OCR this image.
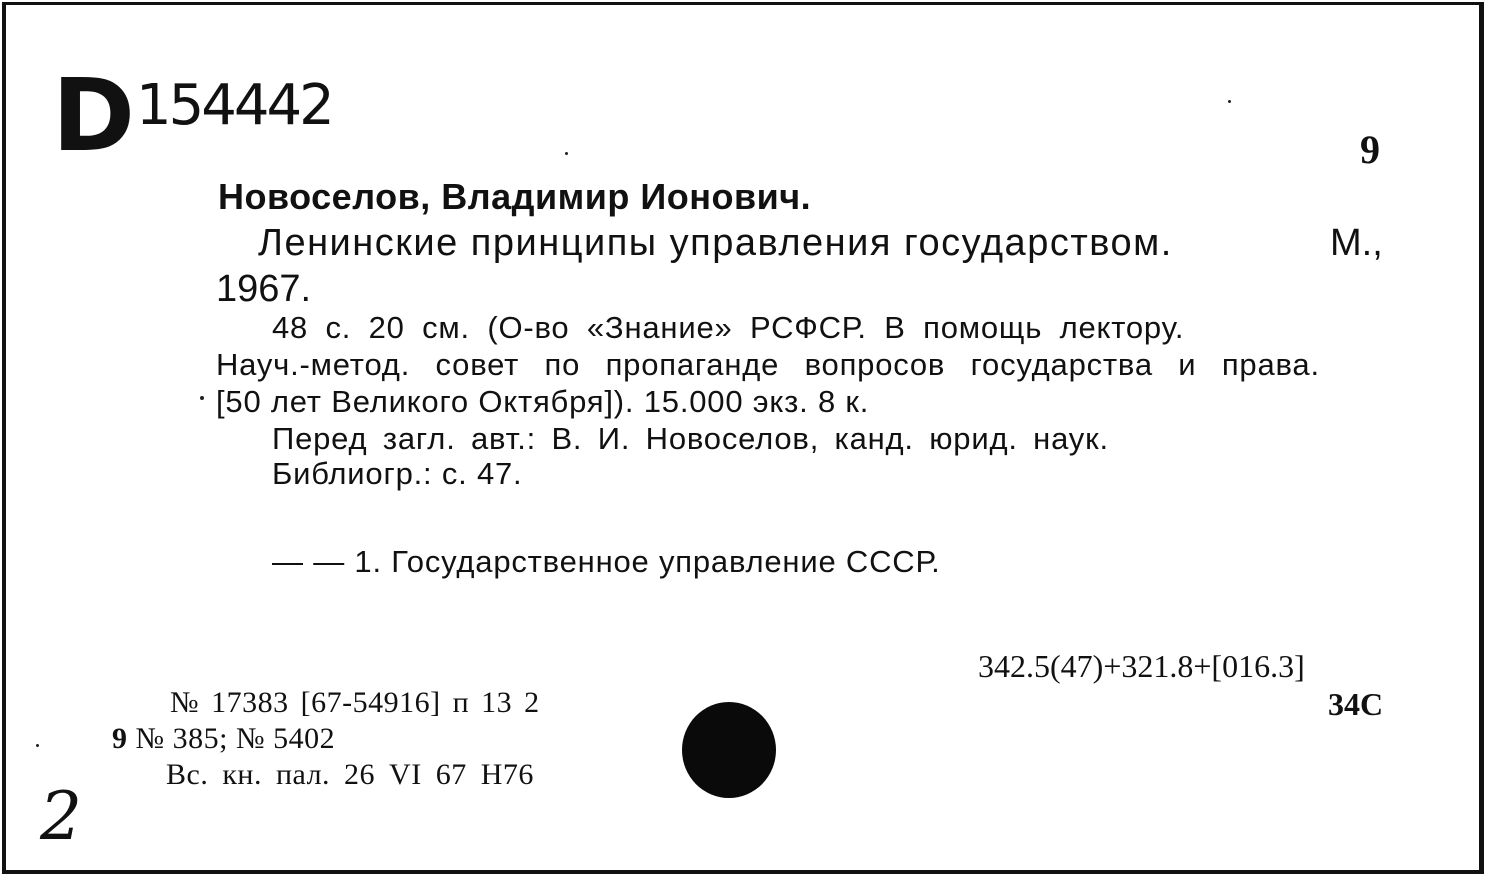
D 154442
9
Новоселов, Владимир Ионович.
Ленинские принципы управления государством.	М.,
1967.
48 с. 20 см. (О-во «Знание» РСФСР. В помощь лектору.
Науч.-метод. совет по пропаганде вопросов государства и права.
[50 лет Великого Октября]). 15.000 экз. 8 к.
Перед загл. авт.: В. И. Новоселов, канд. юрид. наук.
Библиогр.: с. 47.
— — 1. Государственное управление СССР.
342.5(47)+321.8+[016.3]
34С
№ 17383 [67-54916] п 13 2
9 № 385; № 5402
Вс. кн. пал. 26 VI 67 Н76
2
